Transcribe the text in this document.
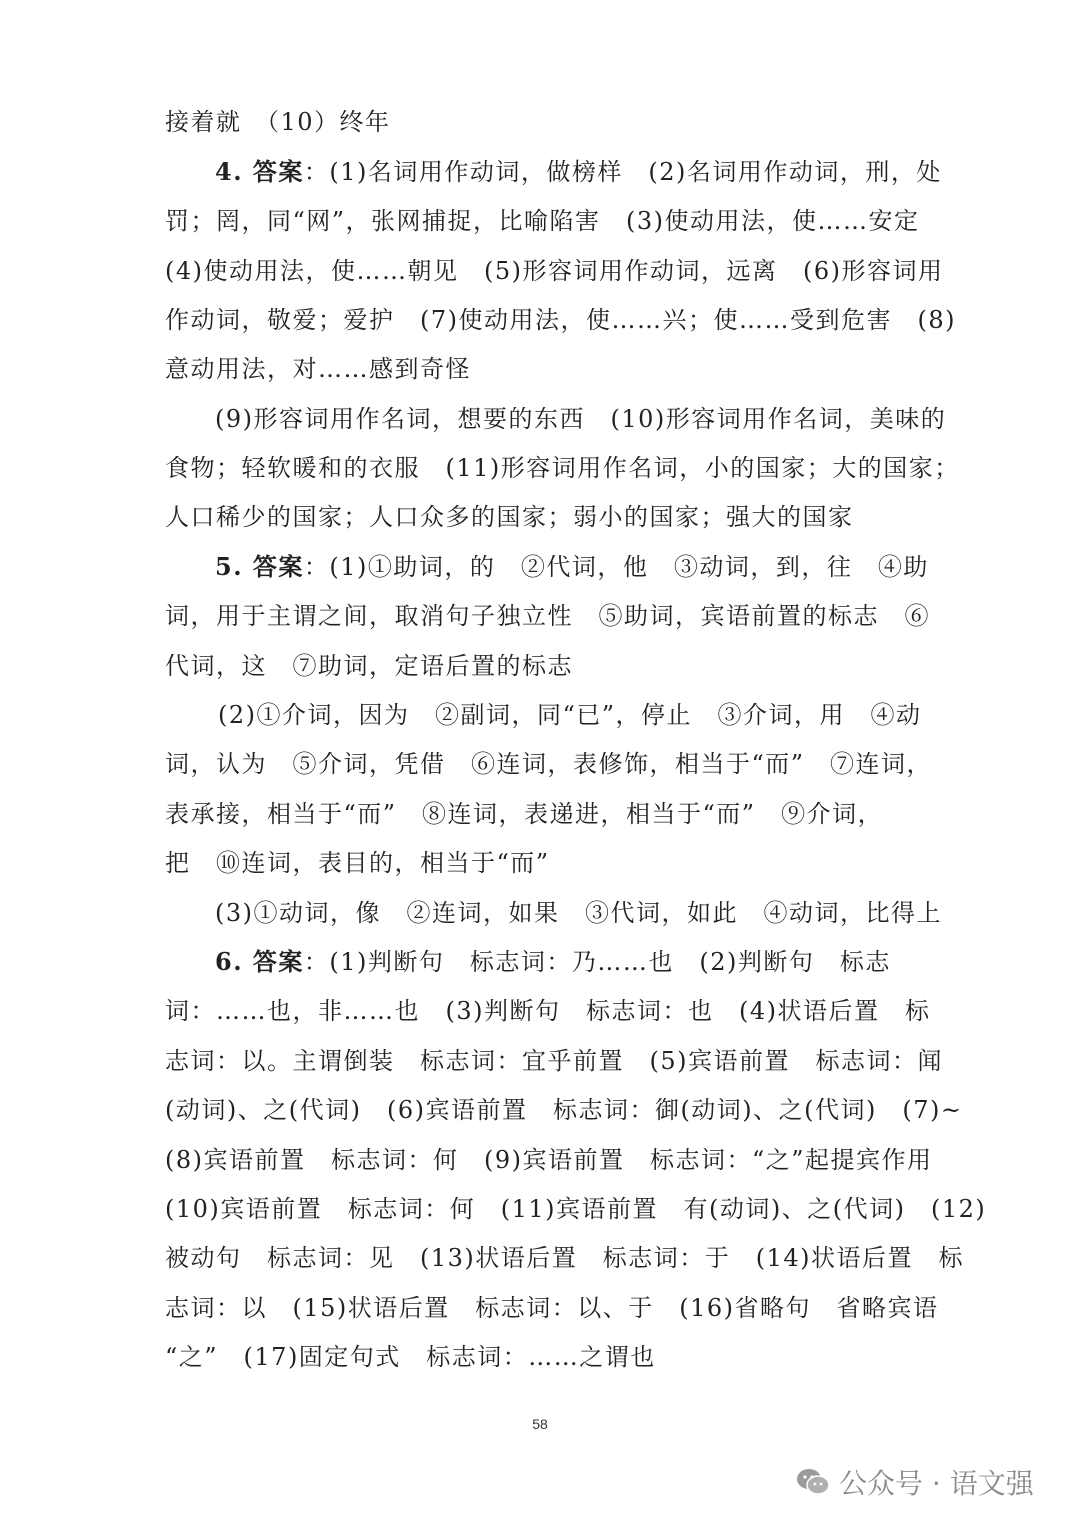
接着就　（10）终年
4. 答案：(1)名词用作动词，做榜样　(2)名词用作动词，刑，处
罚；罔，同“网”，张网捕捉，比喻陷害　(3)使动用法，使……安定
(4)使动用法，使……朝见　(5)形容词用作动词，远离　(6)形容词用
作动词，敬爱；爱护　(7)使动用法，使……兴；使……受到危害　(8)
意动用法，对……感到奇怪
(9)形容词用作名词，想要的东西　(10)形容词用作名词，美味的
食物；轻软暖和的衣服　(11)形容词用作名词，小的国家；大的国家；
人口稀少的国家；人口众多的国家；弱小的国家；强大的国家
5. 答案：(1)①助词，的　②代词，他　③动词，到，往　④助
词，用于主谓之间，取消句子独立性　⑤助词，宾语前置的标志　⑥
代词，这　⑦助词，定语后置的标志
(2)①介词，因为　②副词，同“已”，停止　③介词，用　④动
词，认为　⑤介词，凭借　⑥连词，表修饰，相当于“而”　⑦连词，
表承接，相当于“而”　⑧连词，表递进，相当于“而”　⑨介词，
把　⑩连词，表目的，相当于“而”
(3)①动词，像　②连词，如果　③代词，如此　④动词，比得上
6. 答案：(1)判断句　标志词：乃……也　(2)判断句　标志
词：……也，非……也　(3)判断句　标志词：也　(4)状语后置　标
志词：以。主谓倒装　标志词：宜乎前置　(5)宾语前置　标志词：闻
(动词)、之(代词)　(6)宾语前置　标志词：御(动词)、之(代词)　(7)~
(8)宾语前置　标志词：何　(9)宾语前置　标志词：“之”起提宾作用
(10)宾语前置　标志词：何　(11)宾语前置　有(动词)、之(代词)　(12)
被动句　标志词：见　(13)状语后置　标志词：于　(14)状语后置　标
志词：以　(15)状语后置　标志词：以、于　(16)省略句　省略宾语
“之”　(17)固定句式　标志词：……之谓也
58
公众号 · 语文强
